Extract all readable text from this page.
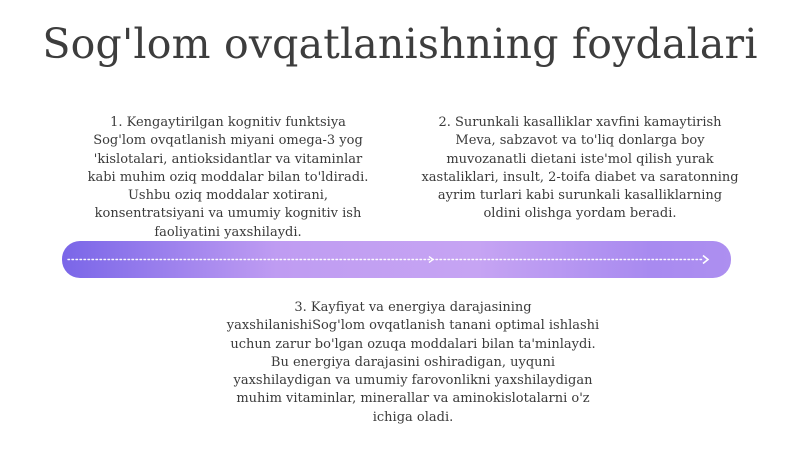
Sog'lom ovqatlanishning foydalari
1. Kengaytirilgan kognitiv funktsiya
Sog'lom ovqatlanish miyani omega-3 yog 'kislotalari, antioksidantlar va vitaminlar kabi muhim oziq moddalar bilan to'ldiradi. Ushbu oziq moddalar xotirani, konsentratsiyani va umumiy kognitiv ish faoliyatini yaxshilaydi.
2. Surunkali kasalliklar xavfini kamaytirish
Meva, sabzavot va to'liq donlarga boy muvozanatli dietani iste'mol qilish yurak xastaliklari, insult, 2-toifa diabet va saratonning ayrim turlari kabi surunkali kasalliklarning oldini olishga yordam beradi.
3. Kayfiyat va energiya darajasining yaxshilanishiSog'lom ovqatlanish tanani optimal ishlashi uchun zarur bo'lgan ozuqa moddalari bilan ta'minlaydi. Bu energiya darajasini oshiradigan, uyquni yaxshilaydigan va umumiy farovonlikni yaxshilaydigan muhim vitaminlar, minerallar va aminokislotalarni o'z ichiga oladi.
